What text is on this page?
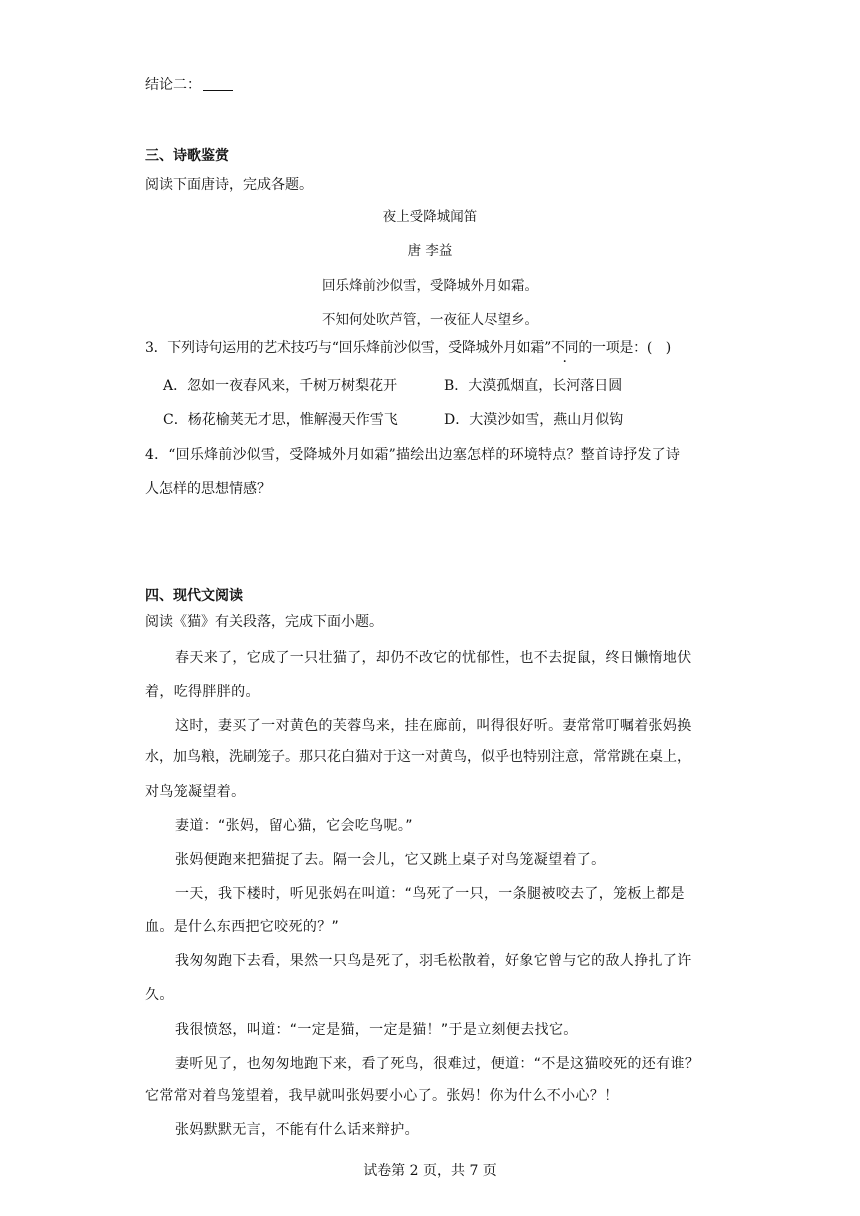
结论二：
三、诗歌鉴赏
阅读下面唐诗，完成各题。
夜上受降城闻笛
唐 李益
回乐烽前沙似雪，受降城外月如霜。
不知何处吹芦管，一夜征人尽望乡。
3．下列诗句运用的艺术技巧与“回乐烽前沙似雪，受降城外月如霜”不同的一项是：(　)
A．忽如一夜春风来，千树万树梨花开	B．大漠孤烟直，长河落日圆
C．杨花榆荚无才思，惟解漫天作雪飞	D．大漠沙如雪，燕山月似钩
4．“回乐烽前沙似雪，受降城外月如霜”描绘出边塞怎样的环境特点？整首诗抒发了诗
人怎样的思想情感？
四、现代文阅读
阅读《猫》有关段落，完成下面小题。
春天来了，它成了一只壮猫了，却仍不改它的忧郁性，也不去捉鼠，终日懒惰地伏
着，吃得胖胖的。
这时，妻买了一对黄色的芙蓉鸟来，挂在廊前，叫得很好听。妻常常叮嘱着张妈换
水，加鸟粮，洗刷笼子。那只花白猫对于这一对黄鸟，似乎也特别注意，常常跳在桌上，
对鸟笼凝望着。
妻道：“张妈，留心猫，它会吃鸟呢。”
张妈便跑来把猫捉了去。隔一会儿，它又跳上桌子对鸟笼凝望着了。
一天，我下楼时，听见张妈在叫道：“鸟死了一只，一条腿被咬去了，笼板上都是
血。是什么东西把它咬死的？”
我匆匆跑下去看，果然一只鸟是死了，羽毛松散着，好象它曾与它的敌人挣扎了许
久。
我很愤怒，叫道：“一定是猫，一定是猫！”于是立刻便去找它。
妻听见了，也匆匆地跑下来，看了死鸟，很难过，便道：“不是这猫咬死的还有谁？
它常常对着鸟笼望着，我早就叫张妈要小心了。张妈！你为什么不小心？！
张妈默默无言，不能有什么话来辩护。
试卷第 2 页，共 7 页
